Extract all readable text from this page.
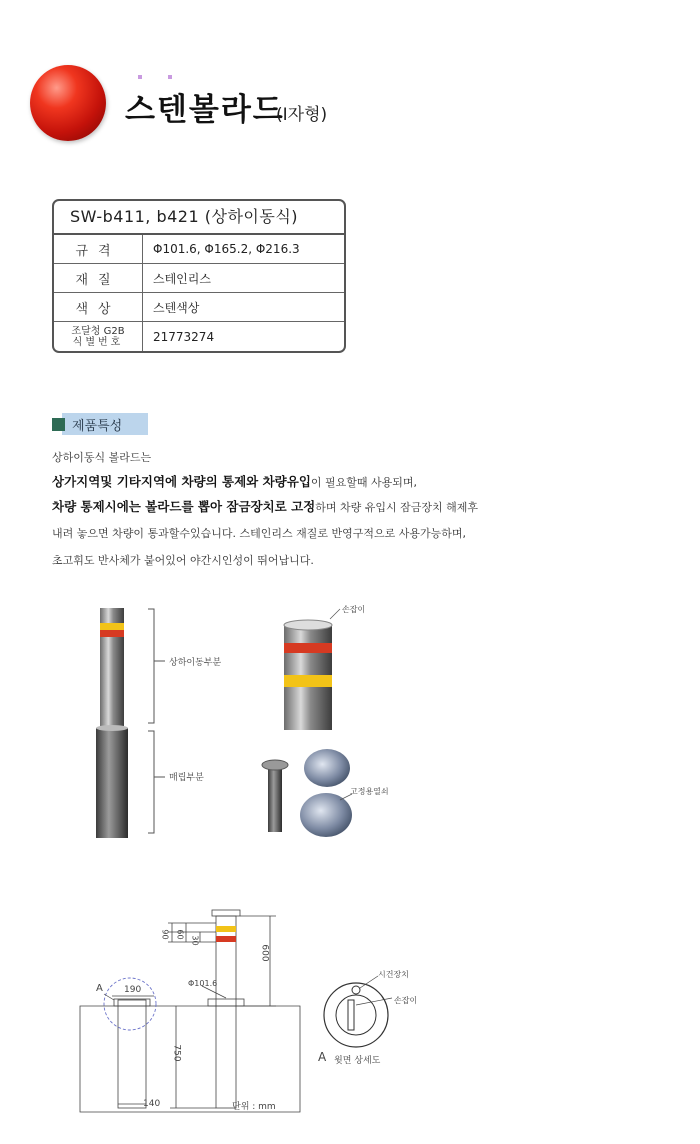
스텐볼라드
(I자형)
SW-b411, b421 (상하이동식)
규격	Φ101.6, Φ165.2, Φ216.3
재질	스테인리스
색상	스텐색상
조달청 G2B
식별번호	21773274
제품특성
상하이동식 볼라드는
상가지역및 기타지역에 차량의 통제와 차량유입이 필요할때 사용되며,
차량 통제시에는 볼라드를 뽑아 잠금장치로 고정하며 차량 유입시 잠금장치 해제후
내려 놓으면 차량이 통과할수있습니다. 스테인리스 재질로 반영구적으로 사용가능하며,
초고휘도 반사체가 붙어있어 야간시인성이 뛰어납니다.
상하이동부분
매립부분
손잡이
고정용열쇠
600
750
190
140
90 60
30
Φ101.6
A
단위 : mm
시건장치
손잡이
A 윗면 상세도
